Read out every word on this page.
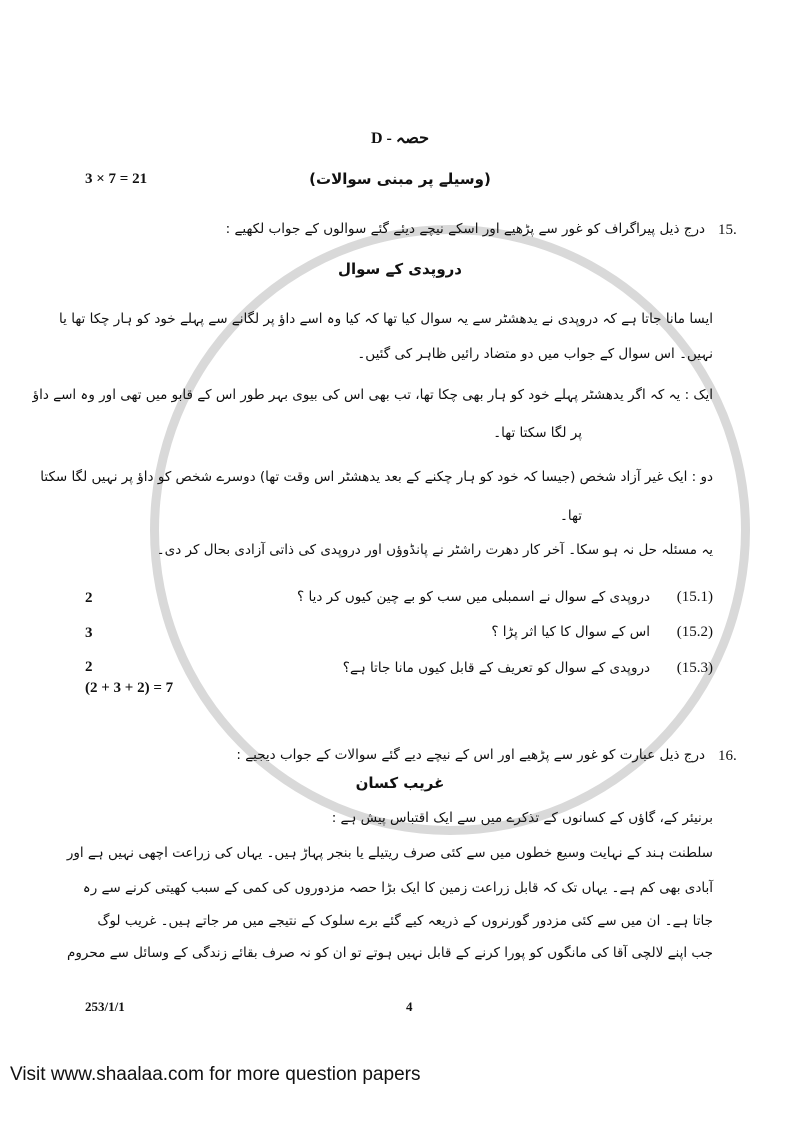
حصہ - D
3 × 7 = 21	(وسیلے پر مبنی سوالات)
15.
درج ذیل پیراگراف کو غور سے پڑھیے اور اسکے نیچے دیئے گئے سوالوں کے جواب لکھیے :
دروپدی کے سوال
ایسا مانا جاتا ہے کہ دروپدی نے یدھشٹر سے یہ سوال کیا تھا کہ کیا وہ اسے داؤ پر لگانے سے پہلے خود کو ہار چکا تھا یا
نہیں۔ اس سوال کے جواب میں دو متضاد رائیں ظاہر کی گئیں۔
ایک : یہ کہ اگر یدھشٹر پہلے خود کو ہار بھی چکا تھا، تب بھی اس کی بیوی بہر طور اس کے قابو میں تھی اور وہ اسے داؤ
پر لگا سکتا تھا۔
دو : ایک غیر آزاد شخص (جیسا کہ خود کو ہار چکنے کے بعد یدھشٹر اس وقت تھا) دوسرے شخص کو داؤ پر نہیں لگا سکتا
تھا۔
یہ مسئلہ حل نہ ہو سکا۔ آخر کار دھرت راشٹر نے پانڈوؤں اور دروپدی کی ذاتی آزادی بحال کر دی۔
(15.1)
دروپدی کے سوال نے اسمبلی میں سب کو بے چین کیوں کر دیا ؟
2
(15.2)
اس کے سوال کا کیا اثر پڑا ؟
3
(15.3)
دروپدی کے سوال کو تعریف کے قابل کیوں مانا جاتا ہے؟
2
(2 + 3 + 2) = 7
16.
درج ذیل عبارت کو غور سے پڑھیے اور اس کے نیچے دیے گئے سوالات کے جواب دیجیے :
غریب کسان
برنیئر کے، گاؤں کے کسانوں کے تذکرے میں سے ایک اقتباس پیش ہے :
سلطنت ہند کے نہایت وسیع خطوں میں سے کئی صرف ریتیلے یا بنجر پہاڑ ہیں۔ یہاں کی زراعت اچھی نہیں ہے اور
آبادی بھی کم ہے۔ یہاں تک کہ قابل زراعت زمین کا ایک بڑا حصہ مزدوروں کی کمی کے سبب کھیتی کرنے سے رہ
جاتا ہے۔ ان میں سے کئی مزدور گورنروں کے ذریعہ کیے گئے برے سلوک کے نتیجے میں مر جاتے ہیں۔ غریب لوگ
جب اپنے لالچی آقا کی مانگوں کو پورا کرنے کے قابل نہیں ہوتے تو ان کو نہ صرف بقائے زندگی کے وسائل سے محروم
253/1/1	4
Visit www.shaalaa.com for more question papers
